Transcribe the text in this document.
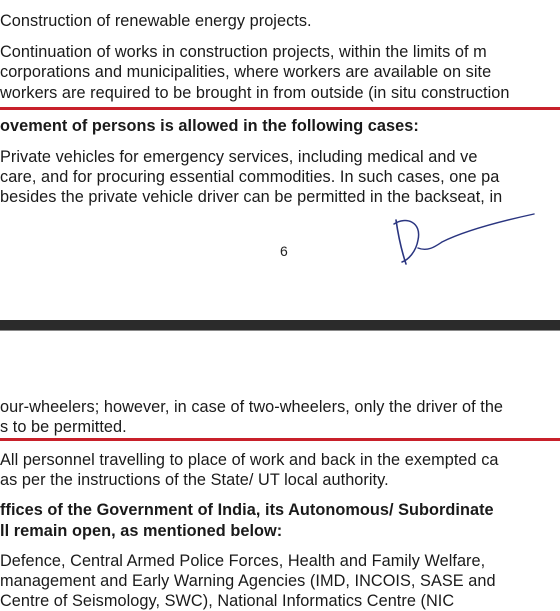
Construction of renewable energy projects.
Continuation of works in construction projects, within the limits of m
corporations and municipalities, where workers are available on site
workers are required to be brought in from outside (in situ construction
ovement of persons is allowed in the following cases:
Private vehicles for emergency services, including medical and ve
care, and for procuring essential commodities. In such cases, one pa
besides the private vehicle driver can be permitted in the backseat, in
6
our-wheelers; however, in case of two-wheelers, only the driver of the
s to be permitted.
All personnel travelling to place of work and back in the exempted ca
as per the instructions of the State/ UT local authority.
ffices of the Government of India, its Autonomous/ Subordinate
ll remain open, as mentioned below:
Defence, Central Armed Police Forces, Health and Family Welfare,
management and Early Warning Agencies (IMD, INCOIS, SASE and
Centre of Seismology, SWC), National Informatics Centre (NIC
